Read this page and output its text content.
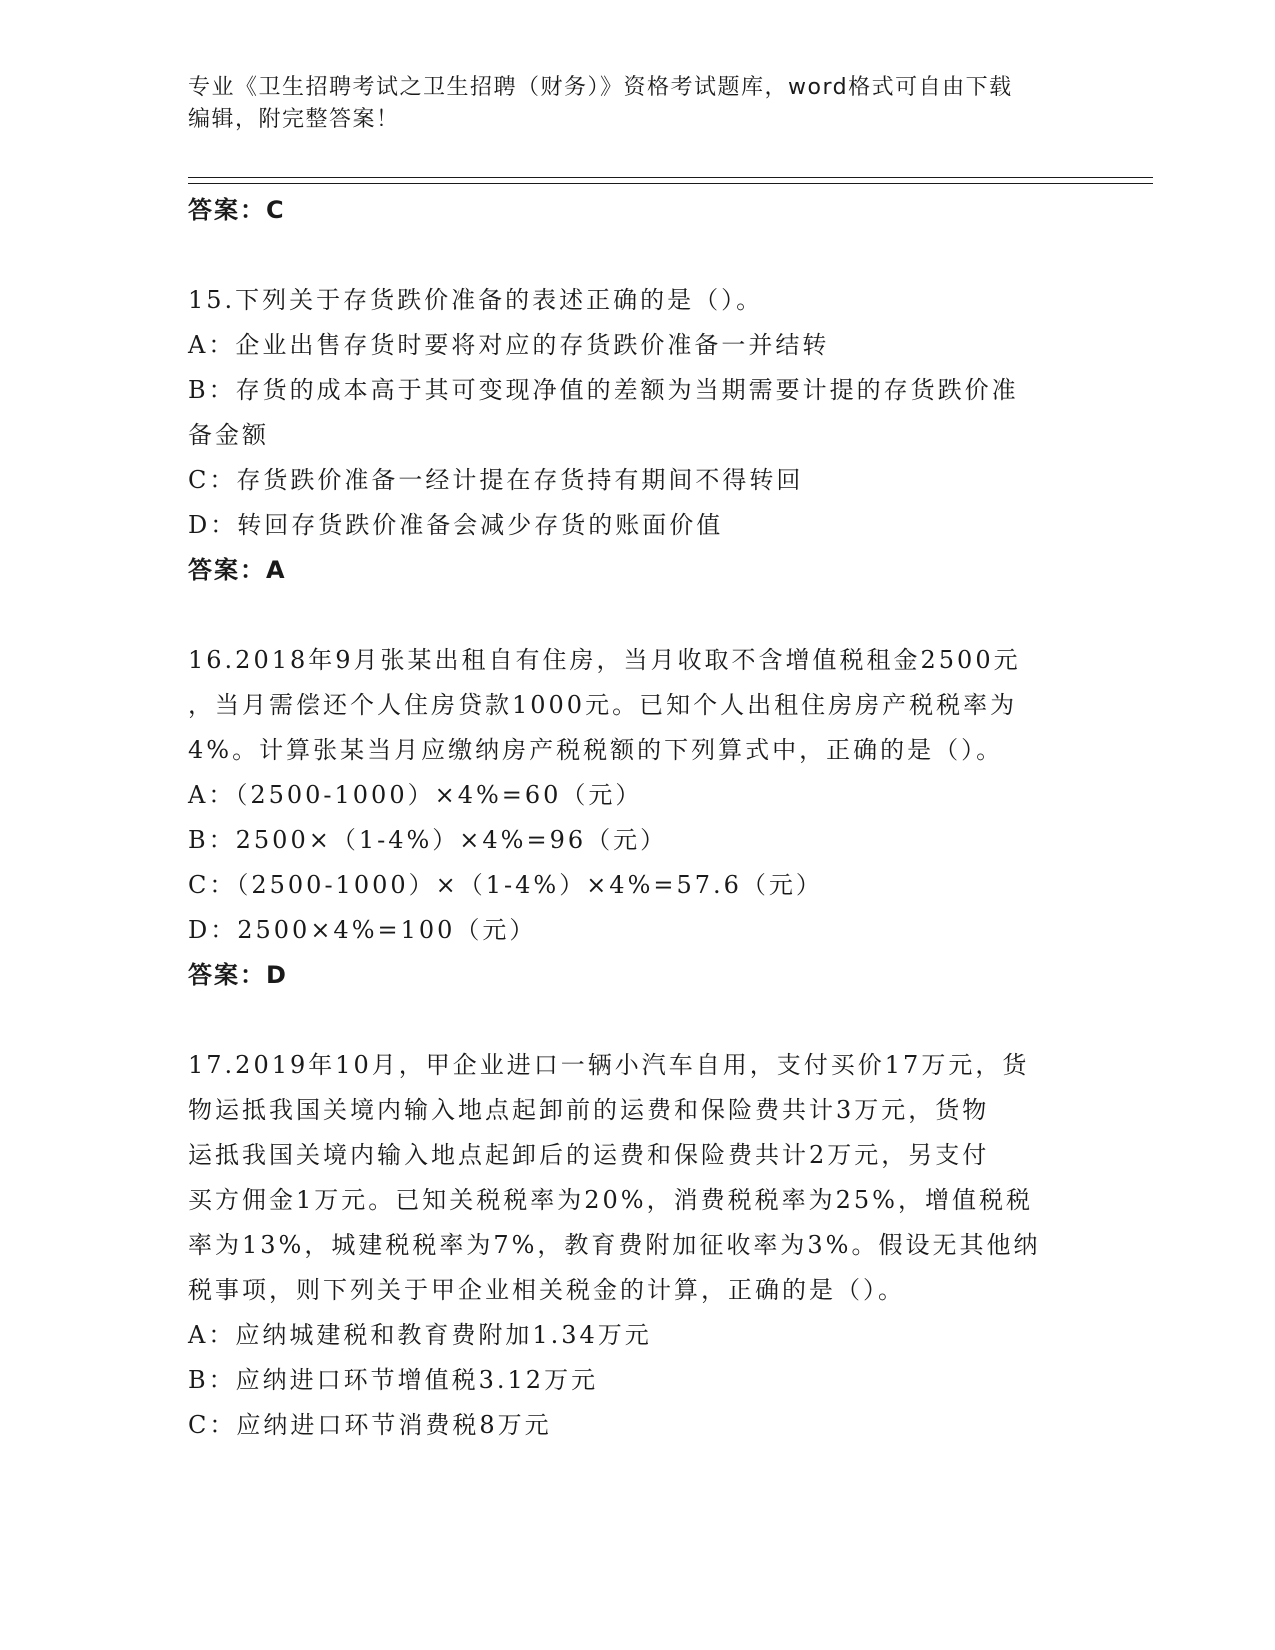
专业《卫生招聘考试之卫生招聘（财务）》资格考试题库，word格式可自由下载
编辑，附完整答案！
答案：C
15.下列关于存货跌价准备的表述正确的是（）。
A：企业出售存货时要将对应的存货跌价准备一并结转
B：存货的成本高于其可变现净值的差额为当期需要计提的存货跌价准
备金额
C：存货跌价准备一经计提在存货持有期间不得转回
D：转回存货跌价准备会减少存货的账面价值
答案：A
16.2018年9月张某出租自有住房，当月收取不含增值税租金2500元
，当月需偿还个人住房贷款1000元。已知个人出租住房房产税税率为
4%。计算张某当月应缴纳房产税税额的下列算式中，正确的是（）。
A：（2500-1000）×4%=60（元）
B：2500×（1-4%）×4%=96（元）
C：（2500-1000）×（1-4%）×4%=57.6（元）
D：2500×4%=100（元）
答案：D
17.2019年10月，甲企业进口一辆小汽车自用，支付买价17万元，货
物运抵我国关境内输入地点起卸前的运费和保险费共计3万元，货物
运抵我国关境内输入地点起卸后的运费和保险费共计2万元，另支付
买方佣金1万元。已知关税税率为20%，消费税税率为25%，增值税税
率为13%，城建税税率为7%，教育费附加征收率为3%。假设无其他纳
税事项，则下列关于甲企业相关税金的计算，正确的是（）。
A：应纳城建税和教育费附加1.34万元
B：应纳进口环节增值税3.12万元
C：应纳进口环节消费税8万元
